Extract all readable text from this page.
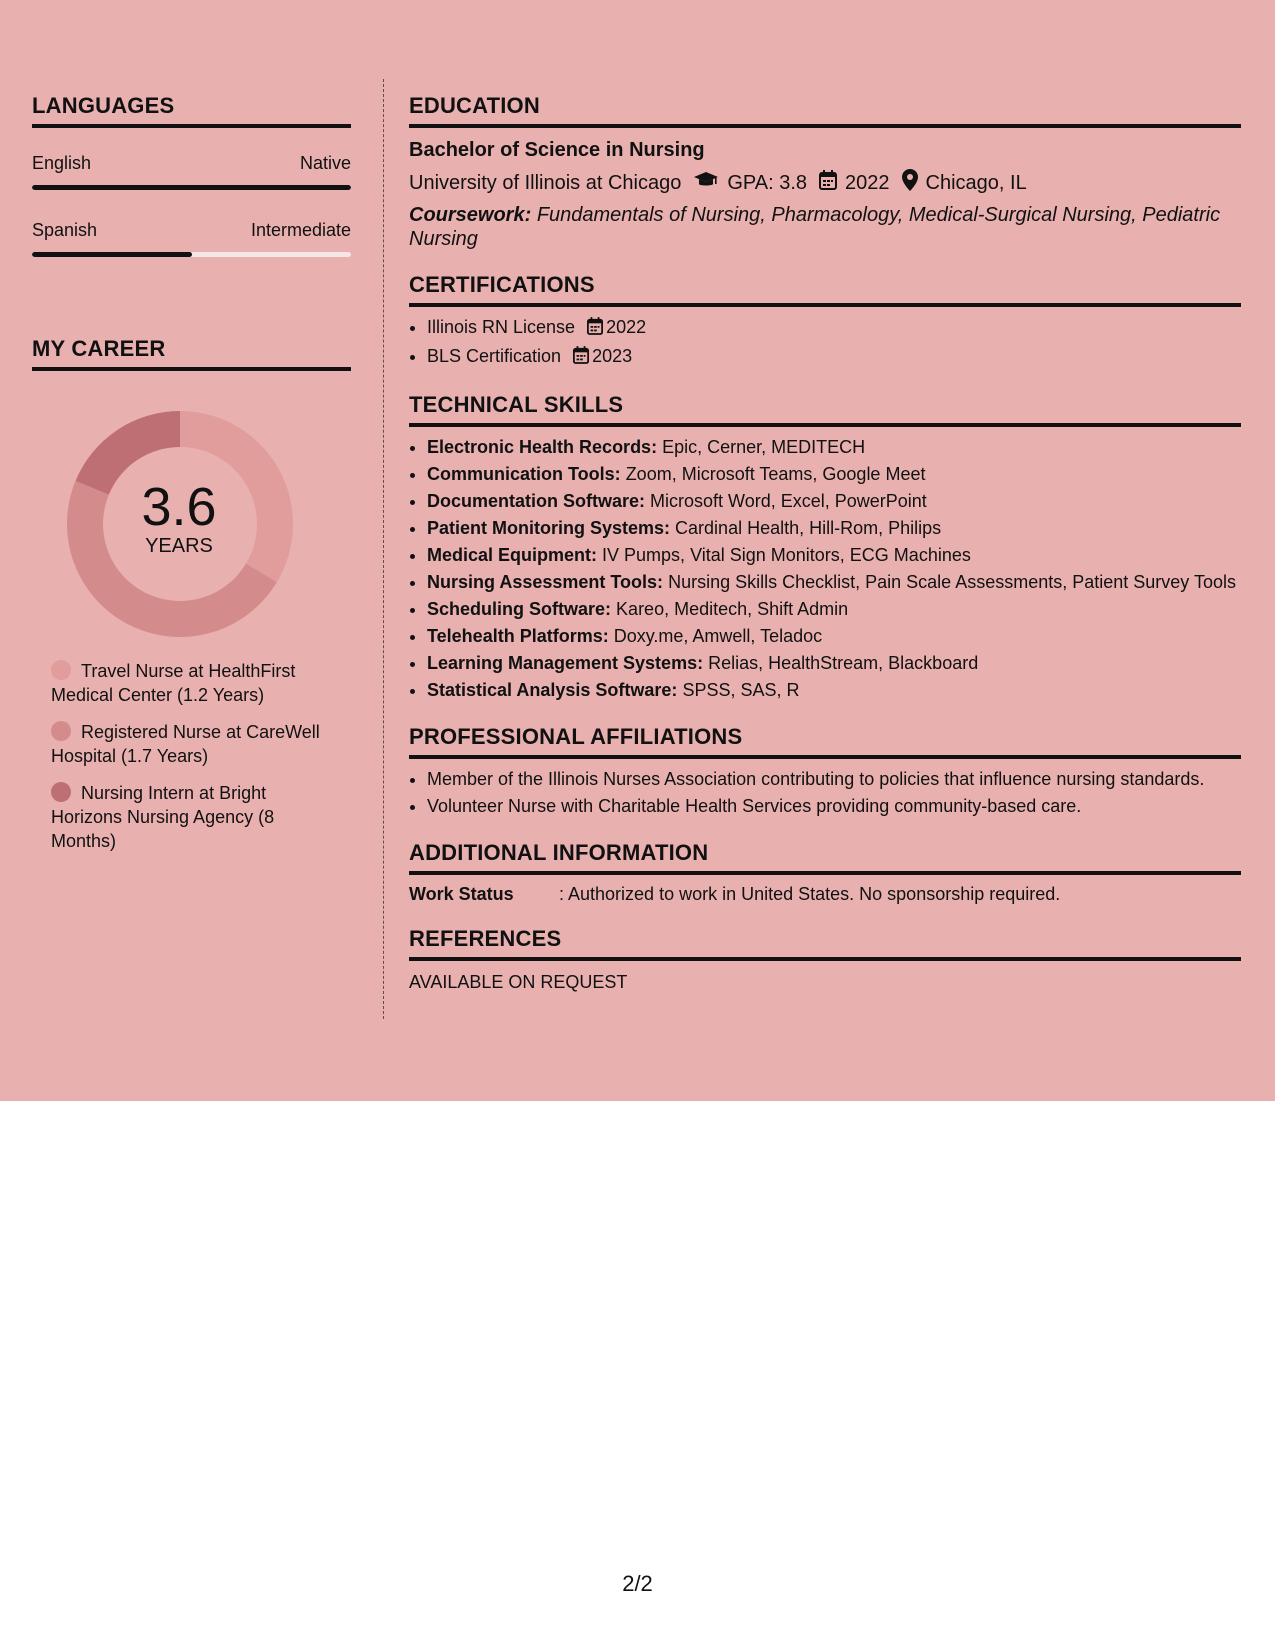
LANGUAGES
English	Native
Spanish	Intermediate
MY CAREER
3.6
YEARS
Travel Nurse at HealthFirst Medical Center (1.2 Years)
Registered Nurse at CareWell Hospital (1.7 Years)
Nursing Intern at Bright Horizons Nursing Agency (8 Months)
EDUCATION
Bachelor of Science in Nursing
University of Illinois at Chicago GPA: 3.8 2022 Chicago, IL
Coursework: Fundamentals of Nursing, Pharmacology, Medical-Surgical Nursing, Pediatric Nursing
CERTIFICATIONS
• Illinois RN License 2022
• BLS Certification 2023
TECHNICAL SKILLS
• Electronic Health Records: Epic, Cerner, MEDITECH
• Communication Tools: Zoom, Microsoft Teams, Google Meet
• Documentation Software: Microsoft Word, Excel, PowerPoint
• Patient Monitoring Systems: Cardinal Health, Hill-Rom, Philips
• Medical Equipment: IV Pumps, Vital Sign Monitors, ECG Machines
• Nursing Assessment Tools: Nursing Skills Checklist, Pain Scale Assessments, Patient Survey Tools
• Scheduling Software: Kareo, Meditech, Shift Admin
• Telehealth Platforms: Doxy.me, Amwell, Teladoc
• Learning Management Systems: Relias, HealthStream, Blackboard
• Statistical Analysis Software: SPSS, SAS, R
PROFESSIONAL AFFILIATIONS
• Member of the Illinois Nurses Association contributing to policies that influence nursing standards.
• Volunteer Nurse with Charitable Health Services providing community-based care.
ADDITIONAL INFORMATION
Work Status	: Authorized to work in United States. No sponsorship required.
REFERENCES
AVAILABLE ON REQUEST
2/2
